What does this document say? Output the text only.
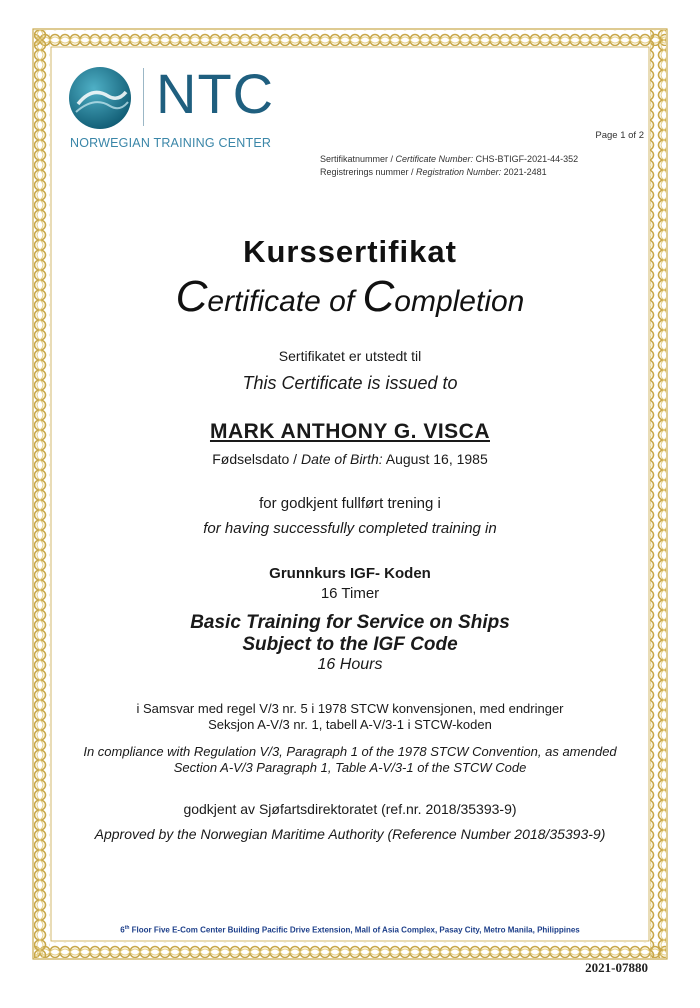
NTC
NORWEGIAN TRAINING CENTER
Page 1 of 2
Sertifikatnummer / Certificate Number: CHS-BTIGF-2021-44-352
Registrerings nummer / Registration Number: 2021-2481
Kurssertifikat
Certificate of Completion
Sertifikatet er utstedt til
This Certificate is issued to
MARK ANTHONY G. VISCA
Fødselsdato / Date of Birth: August 16, 1985
for godkjent fullført trening i
for having successfully completed training in
Grunnkurs IGF- Koden
16 Timer
Basic Training for Service on Ships
Subject to the IGF Code
16 Hours
i Samsvar med regel V/3 nr. 5 i 1978 STCW konvensjonen, med endringer
Seksjon A-V/3 nr. 1, tabell A-V/3-1 i STCW-koden
In compliance with Regulation V/3, Paragraph 1 of the 1978 STCW Convention, as amended
Section A-V/3 Paragraph 1, Table A-V/3-1 of the STCW Code
godkjent av Sjøfartsdirektoratet (ref.nr. 2018/35393-9)
Approved by the Norwegian Maritime Authority (Reference Number 2018/35393-9)
6th Floor Five E-Com Center Building Pacific Drive Extension, Mall of Asia Complex, Pasay City, Metro Manila, Philippines
2021-07880
